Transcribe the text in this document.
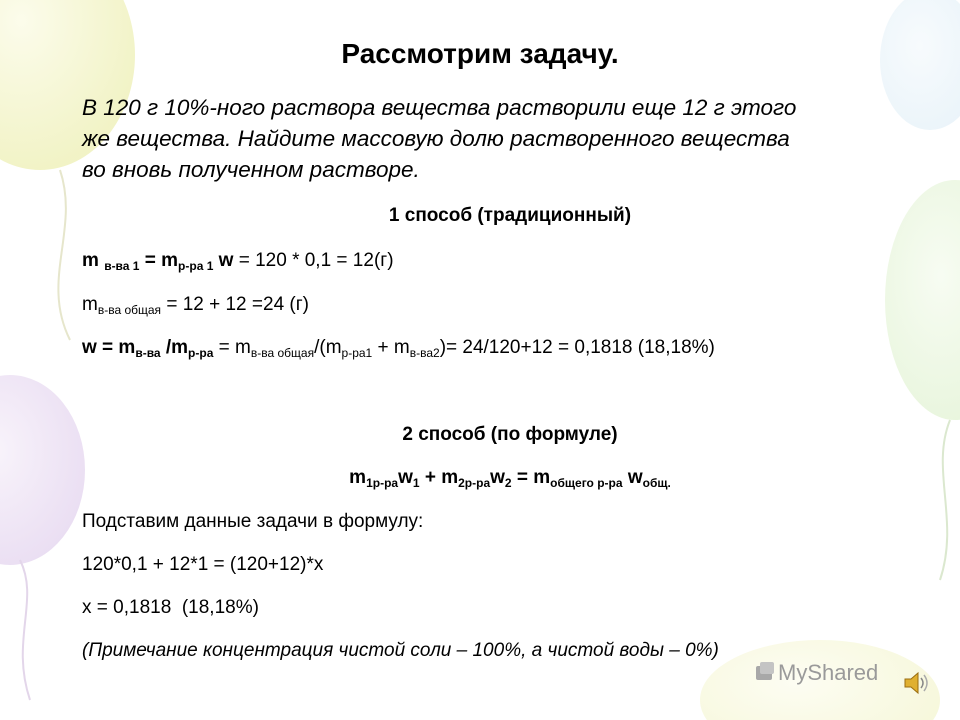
Рассмотрим задачу.
В 120 г 10%-ного раствора вещества растворили еще 12 г этого
же вещества. Найдите массовую долю растворенного вещества
во вновь полученном растворе.
1 способ (традиционный)
m $_{в-ва 1} = m_{р-ра 1}$ w = 120 * 0,1 = 12(г)
$m_{в-ва общая} = 12 + 12 =24$ (г)
$w = m_{в-ва}$ $/m_{р-ра} = m_{в-ва общая}/(m_{р-ра1} + m_{в-ва2})= 24/120+12 = 0,1818$ (18,18%)
2 способ (по формуле)
$m_{1р-ра}w_1 + m_{2р-ра}w_2 = m_{общего р-ра}$ $w_{общ.}$
Подставим данные задачи в формулу:
120*0,1 + 12*1 = (120+12)*x
x = 0,1818  (18,18%)
(Примечание концентрация чистой соли – 100%, а чистой воды – 0%)
MyShared
